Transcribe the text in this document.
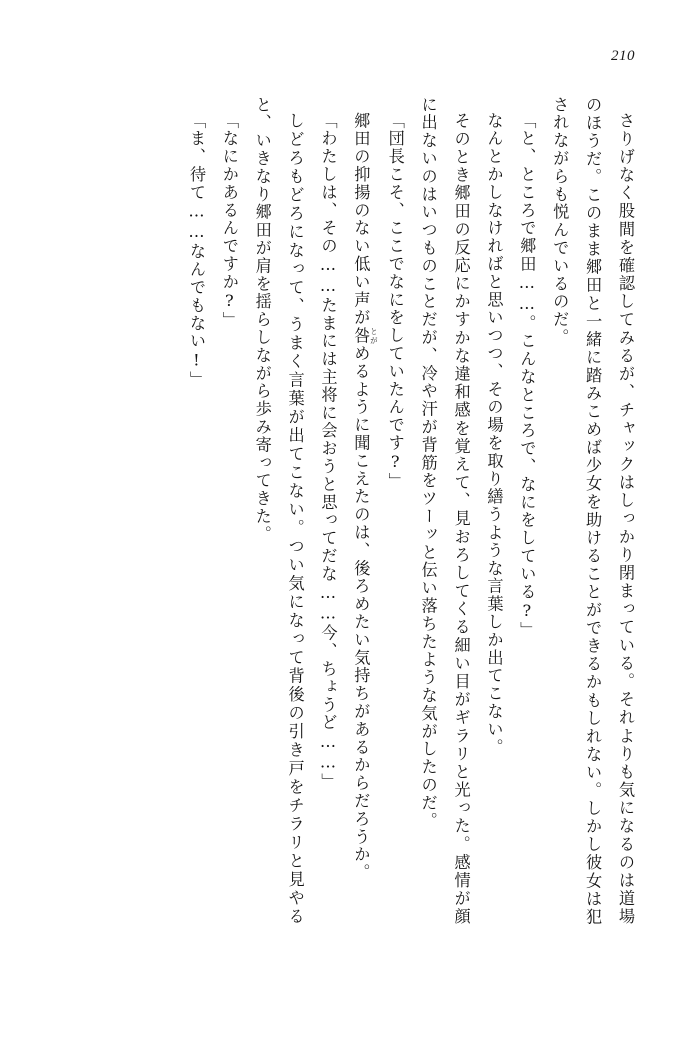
210

さりげなく股間を確認してみるが、チャックはしっかり閉まっている。それよりも気になるのは道場のほうだ。このまま郷田と一緒に踏みこめば少女を助けることができるかもしれない。しかし彼女は犯されながらも悦んでいるのだ。

「と、ところで郷田……。こんなところで、なにをしている?」

なんとかしなければと思いつつ、その場を取り繕うような言葉しか出てこない。

そのとき郷田の反応にかすかな違和感を覚えて、見おろしてくる細い目がギラリと光った。感情が顔に出ないのはいつものことだが、冷や汗が背筋をツーッと伝い落ちたような気がしたのだ。

「団長こそ、ここでなにをしていたんです?」

郷田の抑揚のない低い声が咎 とがめるように聞こえたのは、後ろめたい気持ちがあるからだろうか。

「わたしは、その……たまには主将に会おうと思ってだな……今、ちょうど……」

しどろもどろになって、うまく言葉が出てこない。つい気になって背後の引き戸をチラリと見やると、いきなり郷田が肩を揺らしながら歩み寄ってきた。

「なにかあるんですか?」

「ま、待て……なんでもない!」
